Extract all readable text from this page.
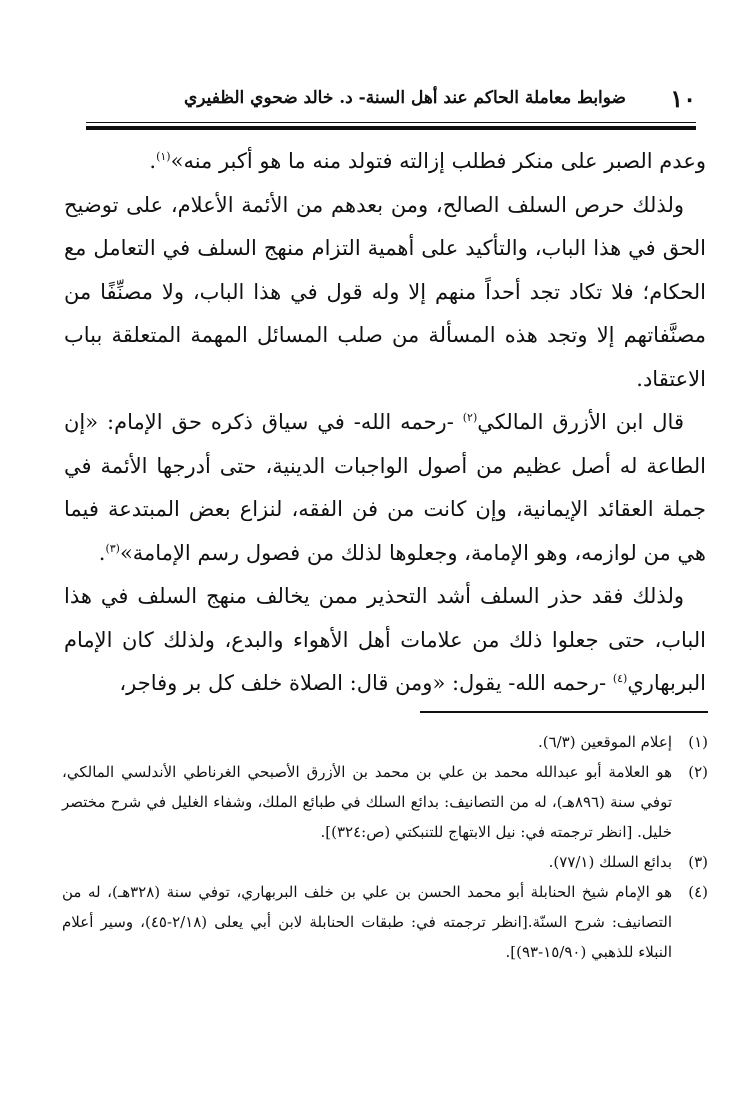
١٠
ضوابط معاملة الحاكم عند أهل السنة- د. خالد ضحوي الظفيري

وعدم الصبر على منكر فطلب إزالته فتولد منه ما هو أكبر منه»$^{(١)}$.

ولذلك حرص السلف الصالح، ومن بعدهم من الأئمة الأعلام، على توضيح الحق في هذا الباب، والتأكيد على أهمية التزام منهج السلف في التعامل مع الحكام؛ فلا تكاد تجد أحداً منهم إلا وله قول في هذا الباب، ولا مصنِّفًا من مصنَّفاتهم إلا وتجد هذه المسألة من صلب المسائل المهمة المتعلقة بباب الاعتقاد.

قال ابن الأزرق المالكي$^{(٢)}$ -رحمه الله- في سياق ذكره حق الإمام: «إن الطاعة له أصل عظيم من أصول الواجبات الدينية، حتى أدرجها الأئمة في جملة العقائد الإيمانية، وإن كانت من فن الفقه، لنزاع بعض المبتدعة فيما هي من لوازمه، وهو الإمامة، وجعلوها لذلك من فصول رسم الإمامة»$^{(٣)}$.

ولذلك فقد حذر السلف أشد التحذير ممن يخالف منهج السلف في هذا الباب، حتى جعلوا ذلك من علامات أهل الأهواء والبدع، ولذلك كان الإمام البربهاري$^{(٤)}$ -رحمه الله- يقول: «ومن قال: الصلاة خلف كل بر وفاجر،

(١)إعلام الموقعين (٦/٣).

(٢)هو العلامة أبو عبدالله محمد بن علي بن محمد بن الأزرق الأصبحي الغرناطي الأندلسي المالكي، توفي سنة (٨٩٦هـ)، له من التصانيف: بدائع السلك في طبائع الملك، وشفاء الغليل في شرح مختصر خليل. [انظر ترجمته في: نيل الابتهاج للتنبكتي (ص:٣٢٤)].

(٣)بدائع السلك (٧٧/١).

(٤)هو الإمام شيخ الحنابلة أبو محمد الحسن بن علي بن خلف البربهاري، توفي سنة (٣٢٨هـ)، له من التصانيف: شرح السنّة.[انظر ترجمته في: طبقات الحنابلة لابن أبي يعلى (٢/١٨-٤٥)، وسير أعلام النبلاء للذهبي (١٥/٩٠-٩٣)].
